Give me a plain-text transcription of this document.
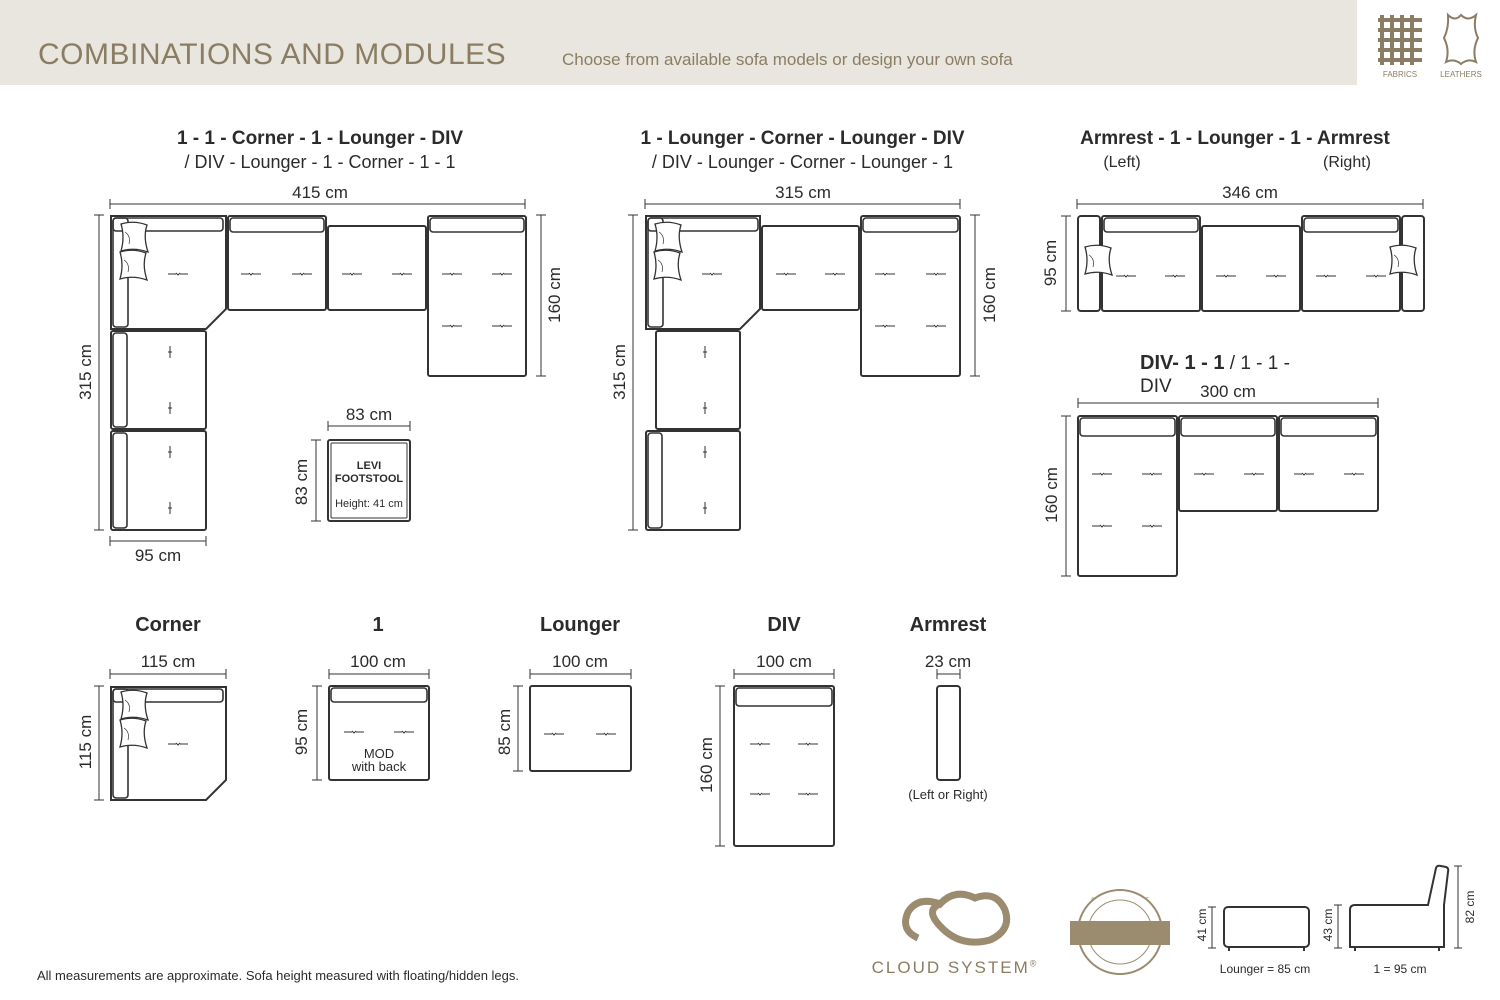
COMBINATIONS AND MODULES	Choose from available sofa models or design your own sofa
FABRICS	LEATHERS
1 - 1 - Corner - 1 - Lounger - DIV
/ DIV - Lounger - 1 - Corner - 1 - 1
1 - Lounger - Corner - Lounger - DIV
/ DIV - Lounger - Corner - Lounger - 1
Armrest - 1 - Lounger - 1 - Armrest
(Left)	(Right)
DIV- 1 - 1 / 1 - 1 - DIV
415 cm
315 cm
160 cm
95 cm
315 cm
315 cm
160 cm
346 cm
95 cm
300 cm
160 cm
83 cm
83 cm	LEVI
FOOTSTOOL
Height: 41 cm
Corner
115 cm
115 cm
1
100 cm
95 cm	MOD
with back
Lounger
100 cm
85 cm
DIV
100 cm
160 cm
Armrest
23 cm
(Left or Right)
CLOUD SYSTEM®
41 cm
Lounger = 85 cm
43 cm
82 cm
1 = 95 cm
All measurements are approximate. Sofa height measured with floating/hidden legs.
